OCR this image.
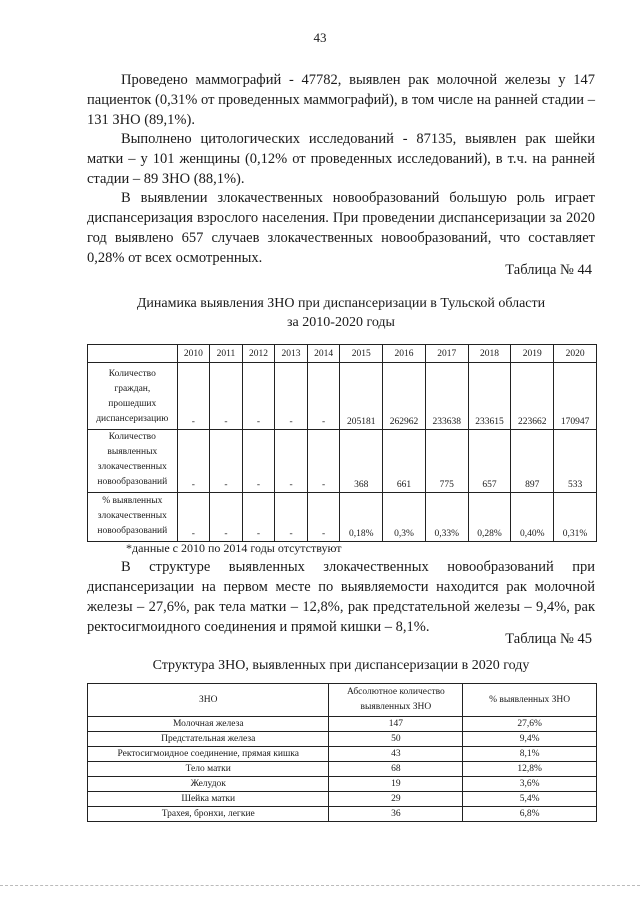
43

Проведено маммографий - 47782, выявлен рак молочной железы у 147 пациенток (0,31% от проведенных маммографий), в том числе на ранней стадии – 131 ЗНО (89,1%).

Выполнено цитологических исследований - 87135, выявлен рак шейки матки – у 101 женщины (0,12% от проведенных исследований), в т.ч. на ранней стадии – 89 ЗНО (88,1%).

В выявлении злокачественных новообразований большую роль играет диспансеризация взрослого населения. При проведении диспансеризации за 2020 год выявлено 657 случаев злокачественных новообразований, что составляет 0,28% от всех осмотренных.

Таблица № 44

Динамика выявления ЗНО при диспансеризации в Тульской области
за 2010-2020 годы

	2010	2011	2012	2013	2014	2015	2016	2017	2018	2019	2020
Количество граждан, прошедших диспансеризацию	-	-	-	-	-	205181	262962	233638	233615	223662	170947
Количество выявленных злокачественных новообразований	-	-	-	-	-	368	661	775	657	897	533
% выявленных злокачественных новообразований	-	-	-	-	-	0,18%	0,3%	0,33%	0,28%	0,40%	0,31%
*данные с 2010 по 2014 годы отсутствуют

В структуре выявленных злокачественных новообразований при диспансеризации на первом месте по выявляемости находится рак молочной железы – 27,6%, рак тела матки – 12,8%, рак предстательной железы – 9,4%, рак ректосигмоидного соединения и прямой кишки – 8,1%.

Таблица № 45

Структура ЗНО, выявленных при диспансеризации в 2020 году

ЗНО	Абсолютное количество выявленных ЗНО	% выявленных ЗНО
Молочная железа	147	27,6%
Предстательная железа	50	9,4%
Ректосигмоидное соединение, прямая кишка	43	8,1%
Тело матки	68	12,8%
Желудок	19	3,6%
Шейка матки	29	5,4%
Трахея, бронхи, легкие	36	6,8%
